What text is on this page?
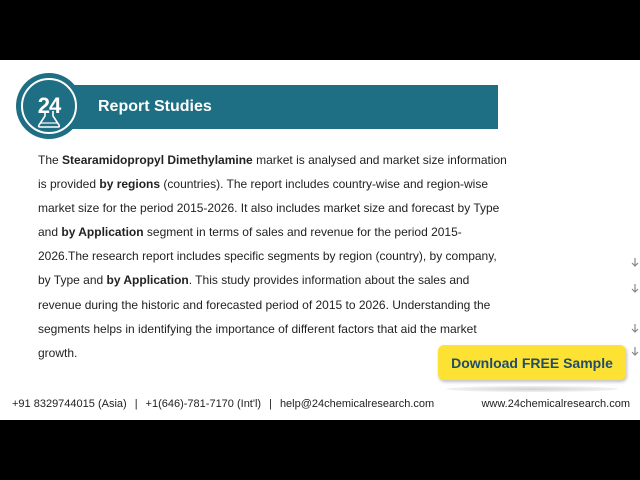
24 Report Studies
The Stearamidopropyl Dimethylamine market is analysed and market size information is provided by regions (countries). The report includes country-wise and region-wise market size for the period 2015-2026. It also includes market size and forecast by Type and by Application segment in terms of sales and revenue for the period 2015-2026.The research report includes specific segments by region (country), by company, by Type and by Application. This study provides information about the sales and revenue during the historic and forecasted period of 2015 to 2026. Understanding the segments helps in identifying the importance of different factors that aid the market growth.
Download FREE Sample
+91 8329744015 (Asia) | +1(646)-781-7170 (Int'l) | help@24chemicalresearch.com	www.24chemicalresearch.com
